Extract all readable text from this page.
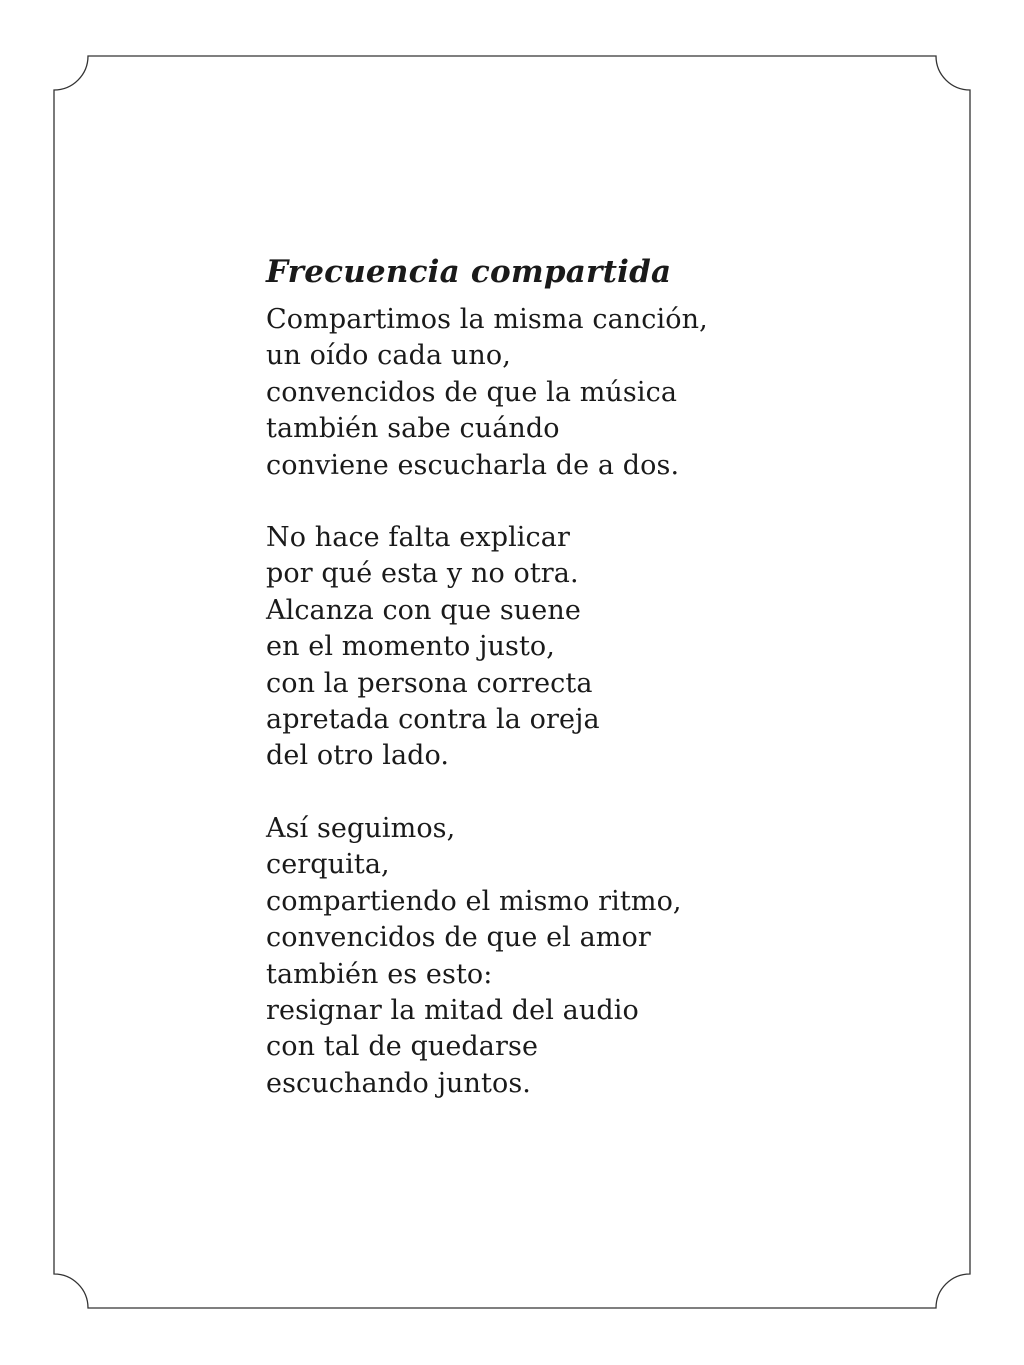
Frecuencia compartida
Compartimos la misma canción,
un oído cada uno,
convencidos de que la música
también sabe cuándo
conviene escucharla de a dos.
No hace falta explicar
por qué esta y no otra.
Alcanza con que suene
en el momento justo,
con la persona correcta
apretada contra la oreja
del otro lado.
Así seguimos,
cerquita,
compartiendo el mismo ritmo,
convencidos de que el amor
también es esto:
resignar la mitad del audio
con tal de quedarse
escuchando juntos.
